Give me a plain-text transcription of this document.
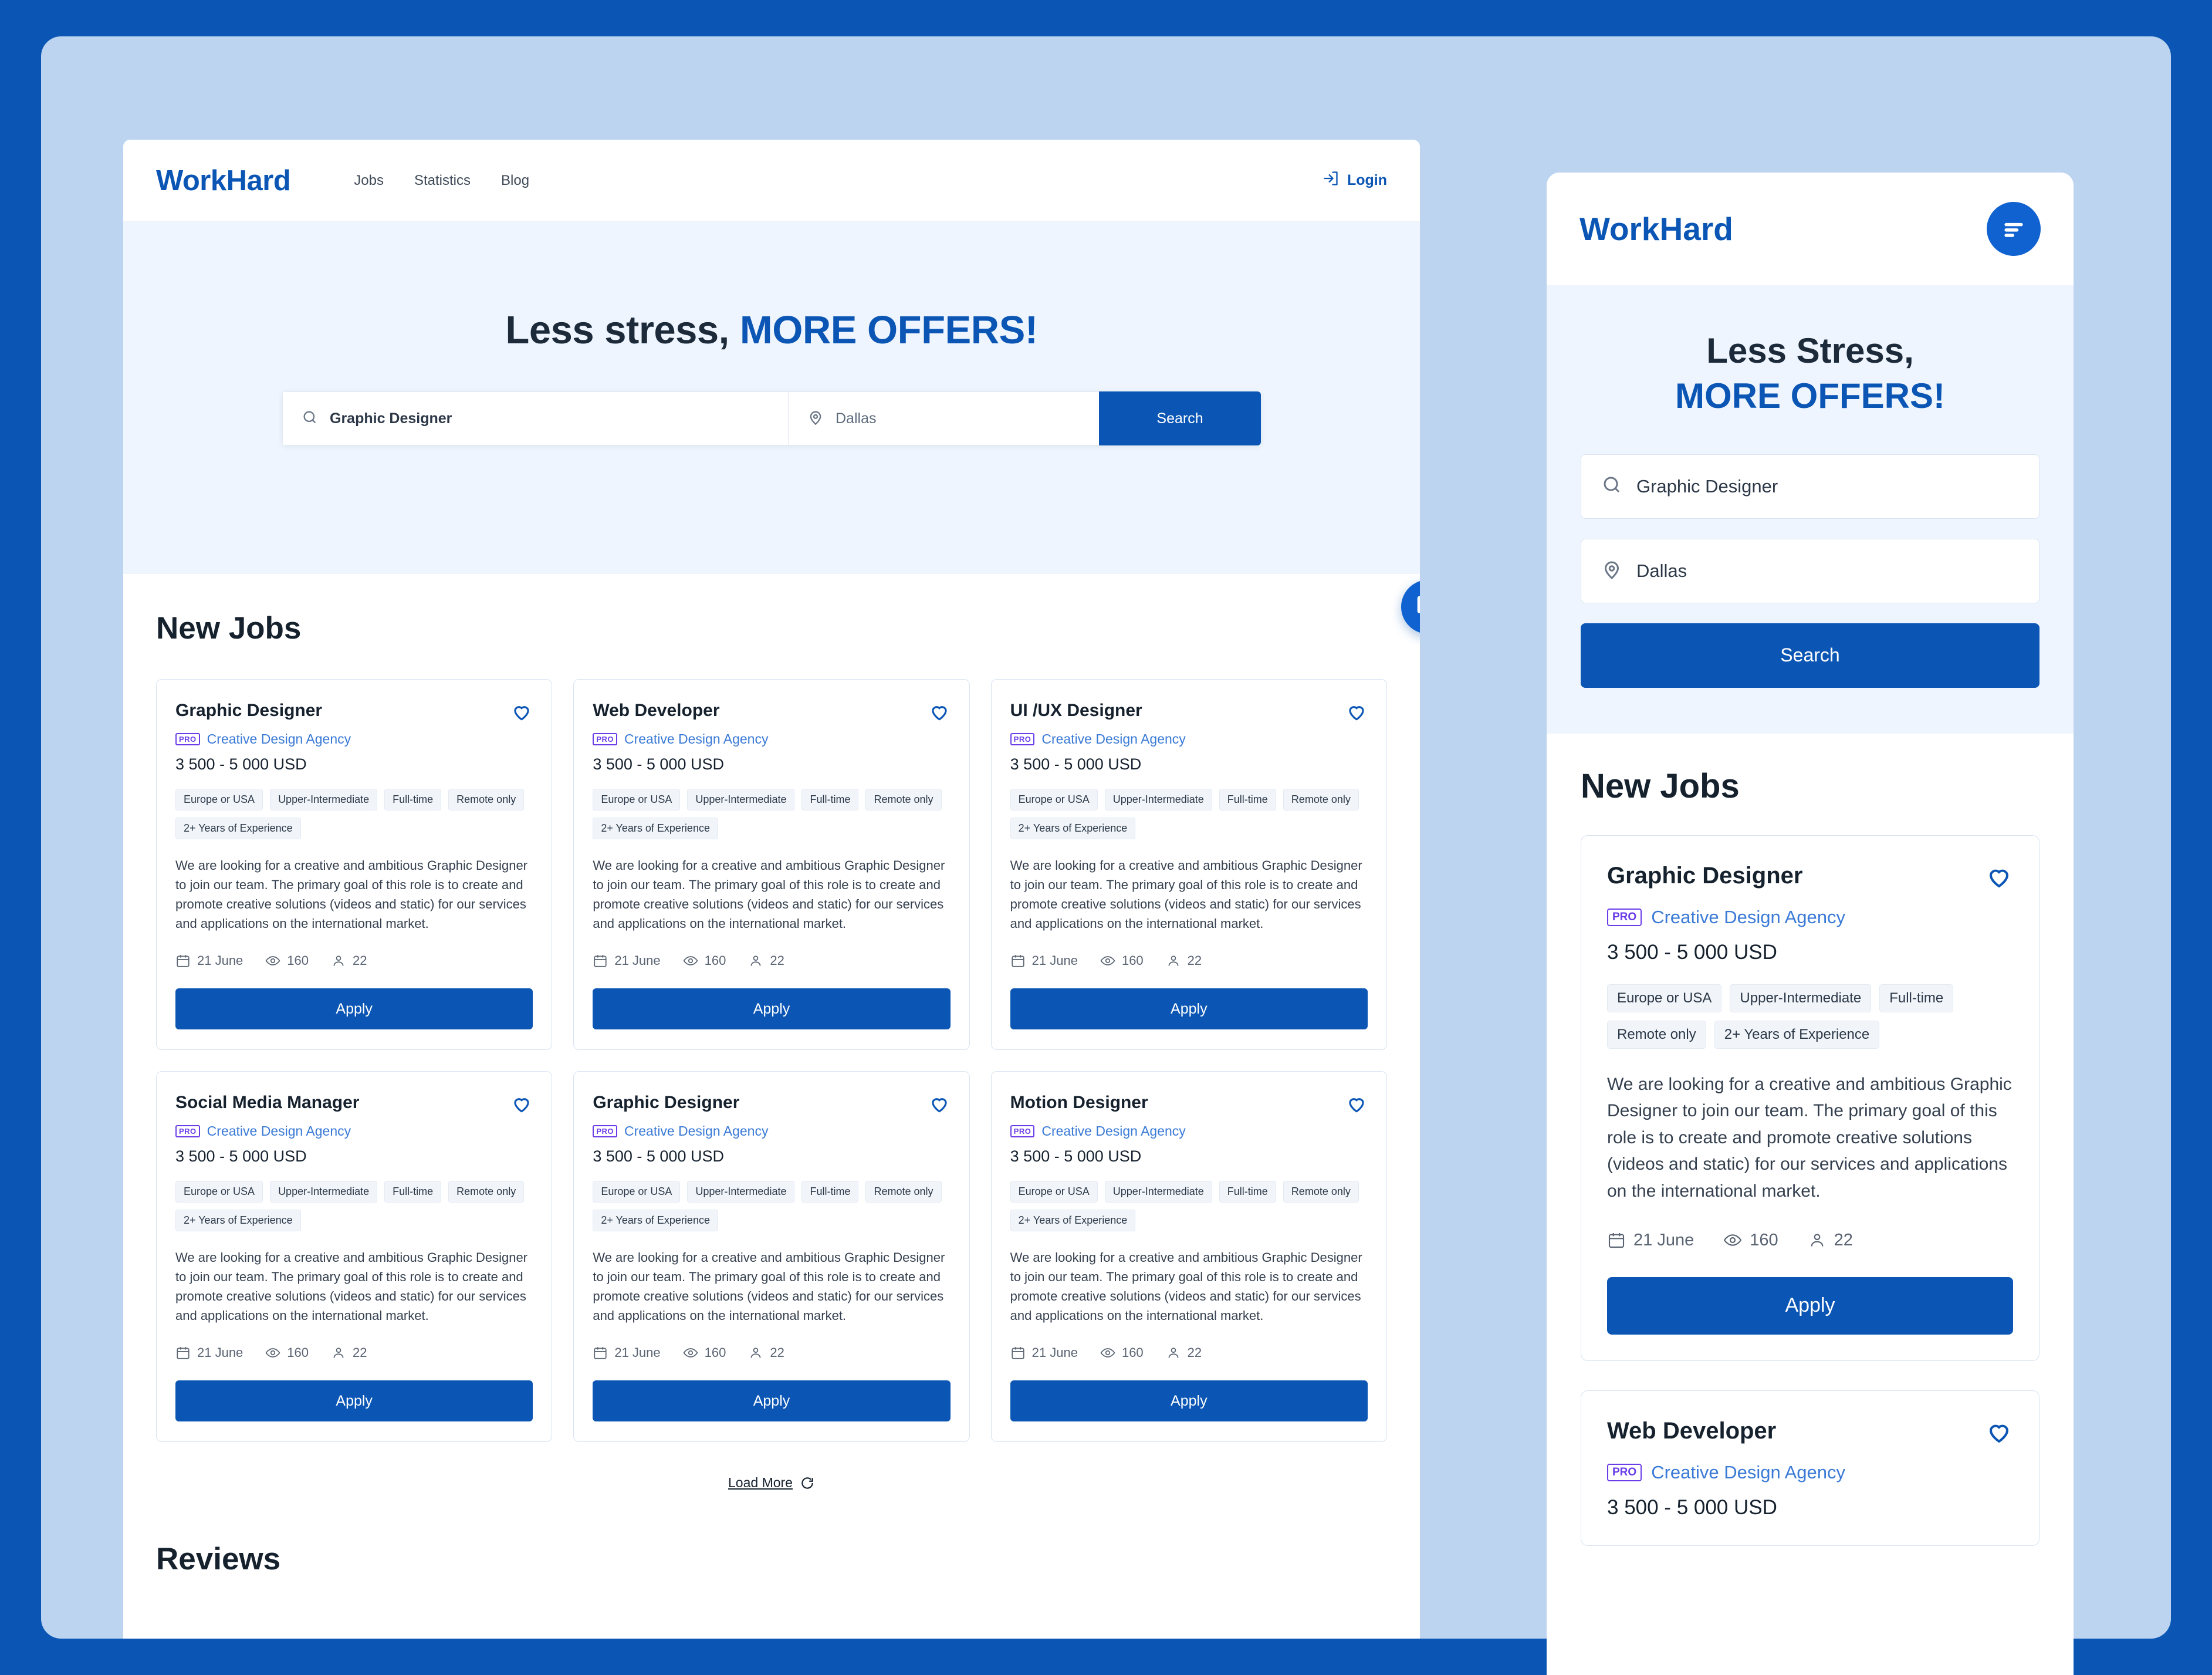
WorkHard	Jobs Statistics Blog	Login
Less stress, MORE OFFERS!
Graphic Designer	Dallas	Search
New Jobs
Graphic Designer
PRO Creative Design Agency
3 500 - 5 000 USD
Europe or USA	Upper-Intermediate	Full-time	Remote only
2+ Years of Experience
We are looking for a creative and ambitious Graphic Designer to join our team. The primary goal of this role is to create and promote creative solutions (videos and static) for our services and applications on the international market.
21 June	160	22
Apply
Web Developer
PRO Creative Design Agency
3 500 - 5 000 USD
Europe or USA	Upper-Intermediate	Full-time	Remote only
2+ Years of Experience
We are looking for a creative and ambitious Graphic Designer to join our team. The primary goal of this role is to create and promote creative solutions (videos and static) for our services and applications on the international market.
21 June	160	22
Apply
UI /UX Designer
PRO Creative Design Agency
3 500 - 5 000 USD
Europe or USA	Upper-Intermediate	Full-time	Remote only
2+ Years of Experience
We are looking for a creative and ambitious Graphic Designer to join our team. The primary goal of this role is to create and promote creative solutions (videos and static) for our services and applications on the international market.
21 June	160	22
Apply
Social Media Manager
PRO Creative Design Agency
3 500 - 5 000 USD
Europe or USA	Upper-Intermediate	Full-time	Remote only
2+ Years of Experience
We are looking for a creative and ambitious Graphic Designer to join our team. The primary goal of this role is to create and promote creative solutions (videos and static) for our services and applications on the international market.
21 June	160	22
Apply
Graphic Designer
PRO Creative Design Agency
3 500 - 5 000 USD
Europe or USA	Upper-Intermediate	Full-time	Remote only
2+ Years of Experience
We are looking for a creative and ambitious Graphic Designer to join our team. The primary goal of this role is to create and promote creative solutions (videos and static) for our services and applications on the international market.
21 June	160	22
Apply
Motion Designer
PRO Creative Design Agency
3 500 - 5 000 USD
Europe or USA	Upper-Intermediate	Full-time	Remote only
2+ Years of Experience
We are looking for a creative and ambitious Graphic Designer to join our team. The primary goal of this role is to create and promote creative solutions (videos and static) for our services and applications on the international market.
21 June	160	22
Apply
Load More
Reviews
WorkHard
Less Stress,
MORE OFFERS!
Graphic Designer
Dallas
Search
New Jobs
Graphic Designer
PRO Creative Design Agency
3 500 - 5 000 USD
Europe or USA	Upper-Intermediate	Full-time
Remote only	2+ Years of Experience
We are looking for a creative and ambitious Graphic Designer to join our team. The primary goal of this role is to create and promote creative solutions (videos and static) for our services and applications on the international market.
21 June	160	22
Apply
Web Developer
PRO Creative Design Agency
3 500 - 5 000 USD
